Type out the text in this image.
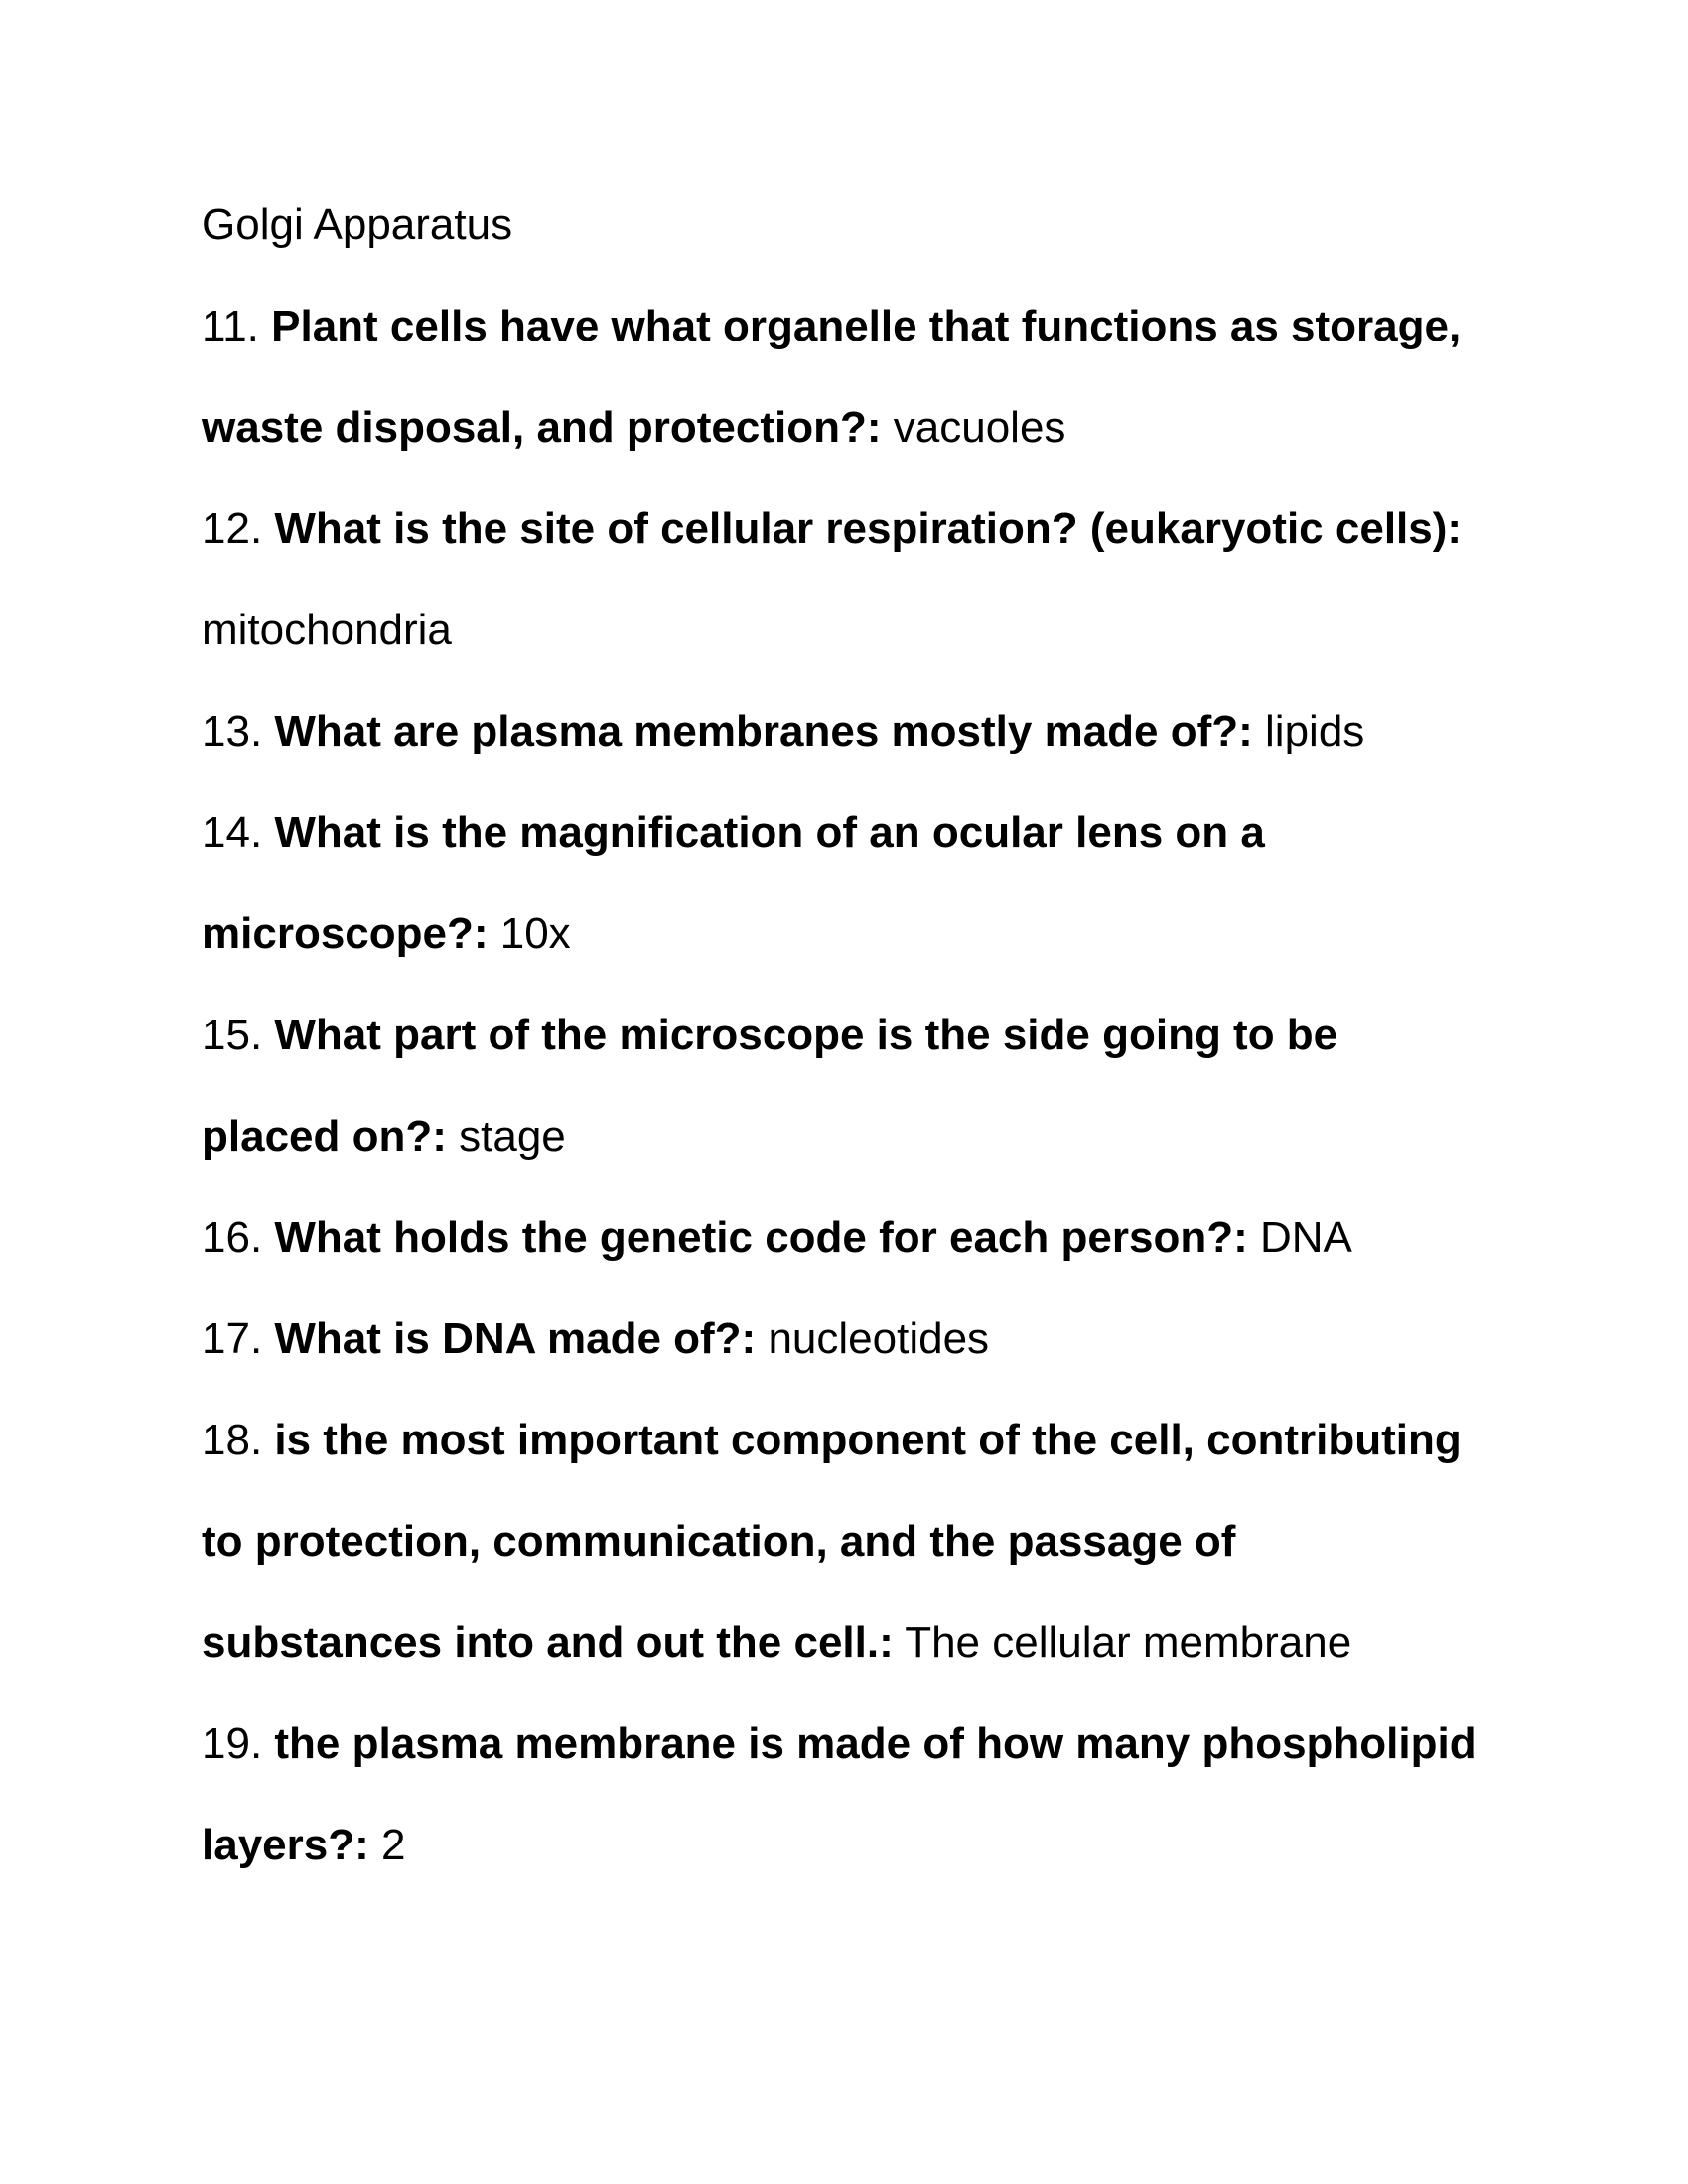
Golgi Apparatus
11. Plant cells have what organelle that functions as storage,
waste disposal, and protection?: vacuoles
12. What is the site of cellular respiration? (eukaryotic cells):
mitochondria
13. What are plasma membranes mostly made of?: lipids
14. What is the magnification of an ocular lens on a
microscope?: 10x
15. What part of the microscope is the side going to be
placed on?: stage
16. What holds the genetic code for each person?: DNA
17. What is DNA made of?: nucleotides
18. is the most important component of the cell, contributing
to protection, communication, and the passage of
substances into and out the cell.: The cellular membrane
19. the plasma membrane is made of how many phospholipid
layers?: 2
